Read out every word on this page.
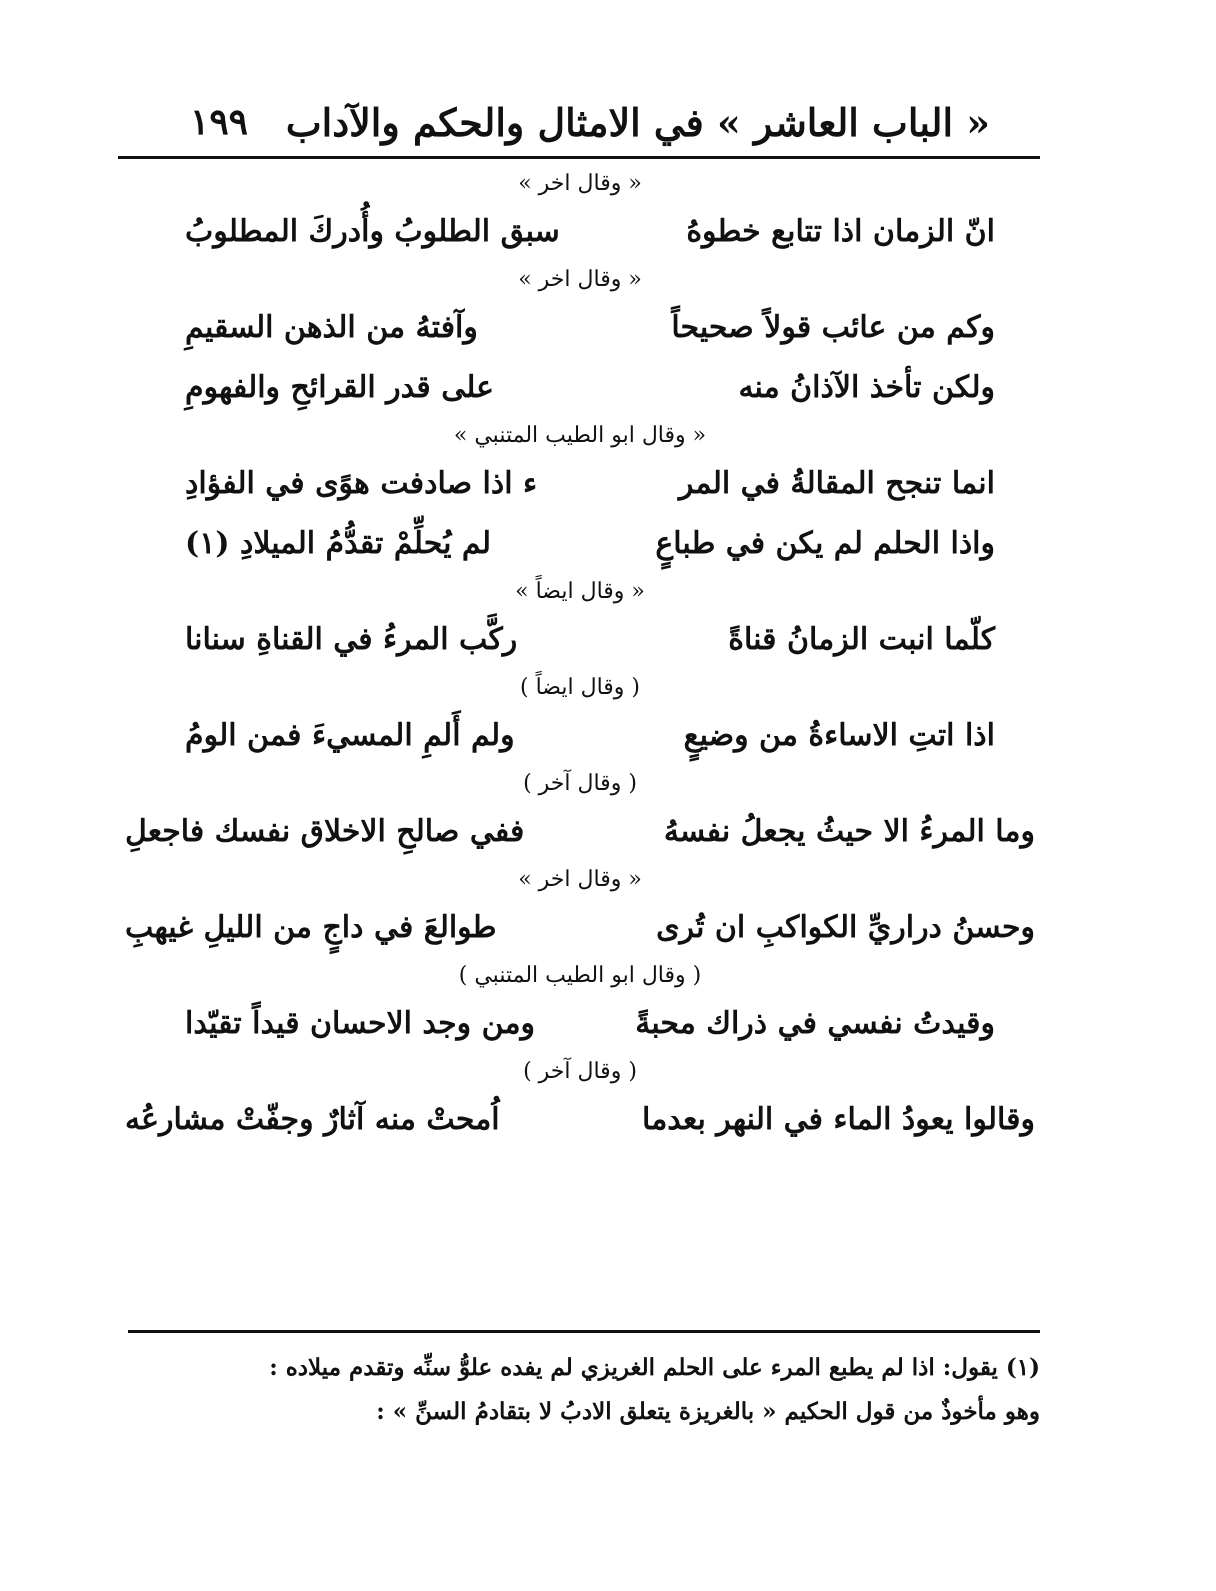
« الباب العاشر » في الامثال والحكم والآداب
١٩٩
« وقال اخر »
انّ الزمان اذا تتابع خطوهُ
سبق الطلوبُ وأُدركَ المطلوبُ
« وقال اخر »
وكم من عائب قولاً صحيحاً
وآفتهُ من الذهن السقيمِ
ولكن تأخذ الآذانُ منه
على قدر القرائحِ والفهومِ
« وقال ابو الطيب المتنبي »
انما تنجح المقالةُ في المر
ء اذا صادفت هوًى في الفؤادِ
واذا الحلم لم يكن في طباعٍ
لم يُحلِّمْ تقدُّمُ الميلادِ (١)
« وقال ايضاً »
كلّما انبت الزمانُ قناةً
ركَّب المرءُ في القناةِ سنانا
( وقال ايضاً )
اذا اتتِ الاساءةُ من وضيعٍ
ولم أَلمِ المسيءَ فمن الومُ
( وقال آخر )
وما المرءُ الا حيثُ يجعلُ نفسهُ
ففي صالحِ الاخلاق نفسك فاجعلِ
« وقال اخر »
وحسنُ دراريِّ الكواكبِ ان تُرى
طوالعَ في داجٍ من الليلِ غيهبِ
( وقال ابو الطيب المتنبي )
وقيدتُ نفسي في ذراك محبةً
ومن وجد الاحسان قيداً تقيّدا
( وقال آخر )
وقالوا يعودُ الماء في النهر بعدما
اُمحتْ منه آثارٌ وجفّتْ مشارعُه
(١) يقول: اذا لم يطبع المرء على الحلم الغريزي لم يفده علوُّ سنِّه وتقدم ميلاده :
وهو مأخوذٌ من قول الحكيم « بالغريزة يتعلق الادبُ لا بتقادمُ السنِّ » :
